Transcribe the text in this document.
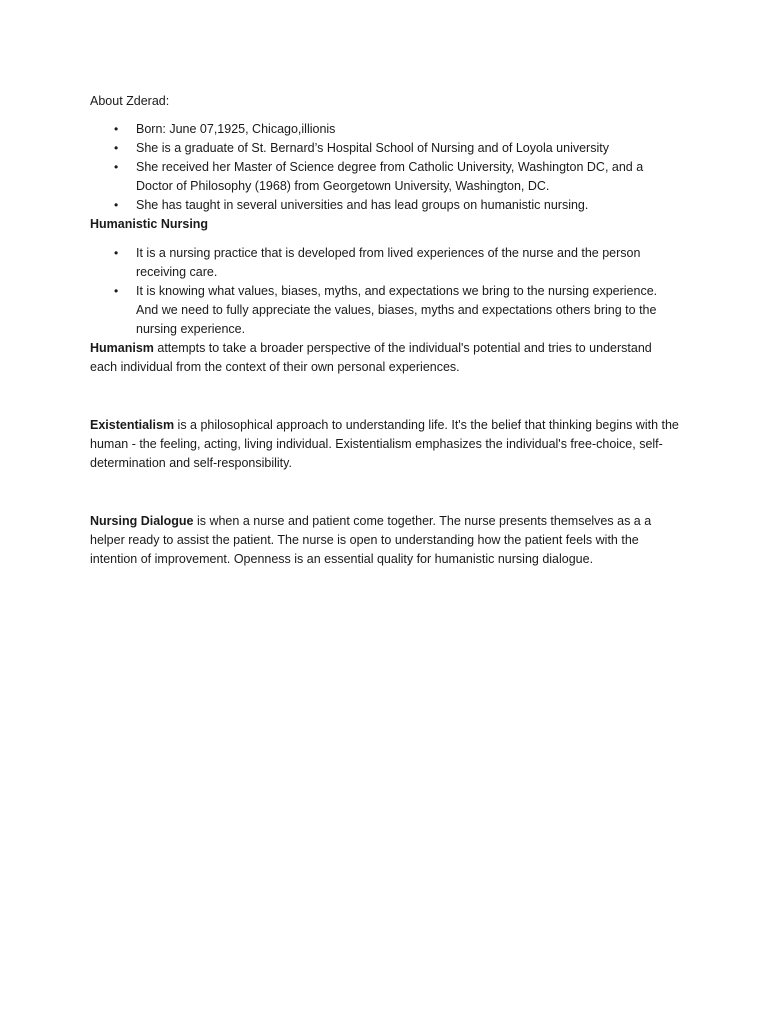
About Zderad:

• Born: June 07,1925, Chicago,illionis
• She is a graduate of St. Bernard’s Hospital School of Nursing and of Loyola university
• She received her Master of Science degree from Catholic University, Washington DC, and a Doctor of Philosophy (1968) from Georgetown University, Washington, DC.
• She has taught in several universities and has lead groups on humanistic nursing.

Humanistic Nursing

• It is a nursing practice that is developed from lived experiences of the nurse and the person receiving care.
• It is knowing what values, biases, myths, and expectations we bring to the nursing experience. And we need to fully appreciate the values, biases, myths and expectations others bring to the nursing experience.

Humanism attempts to take a broader perspective of the individual's potential and tries to understand each individual from the context of their own personal experiences.

Existentialism is a philosophical approach to understanding life. It's the belief that thinking begins with the human - the feeling, acting, living individual. Existentialism emphasizes the individual's free-choice, self-determination and self-responsibility.

Nursing Dialogue is when a nurse and patient come together. The nurse presents themselves as a a helper ready to assist the patient. The nurse is open to understanding how the patient feels with the intention of improvement. Openness is an essential quality for humanistic nursing dialogue.
